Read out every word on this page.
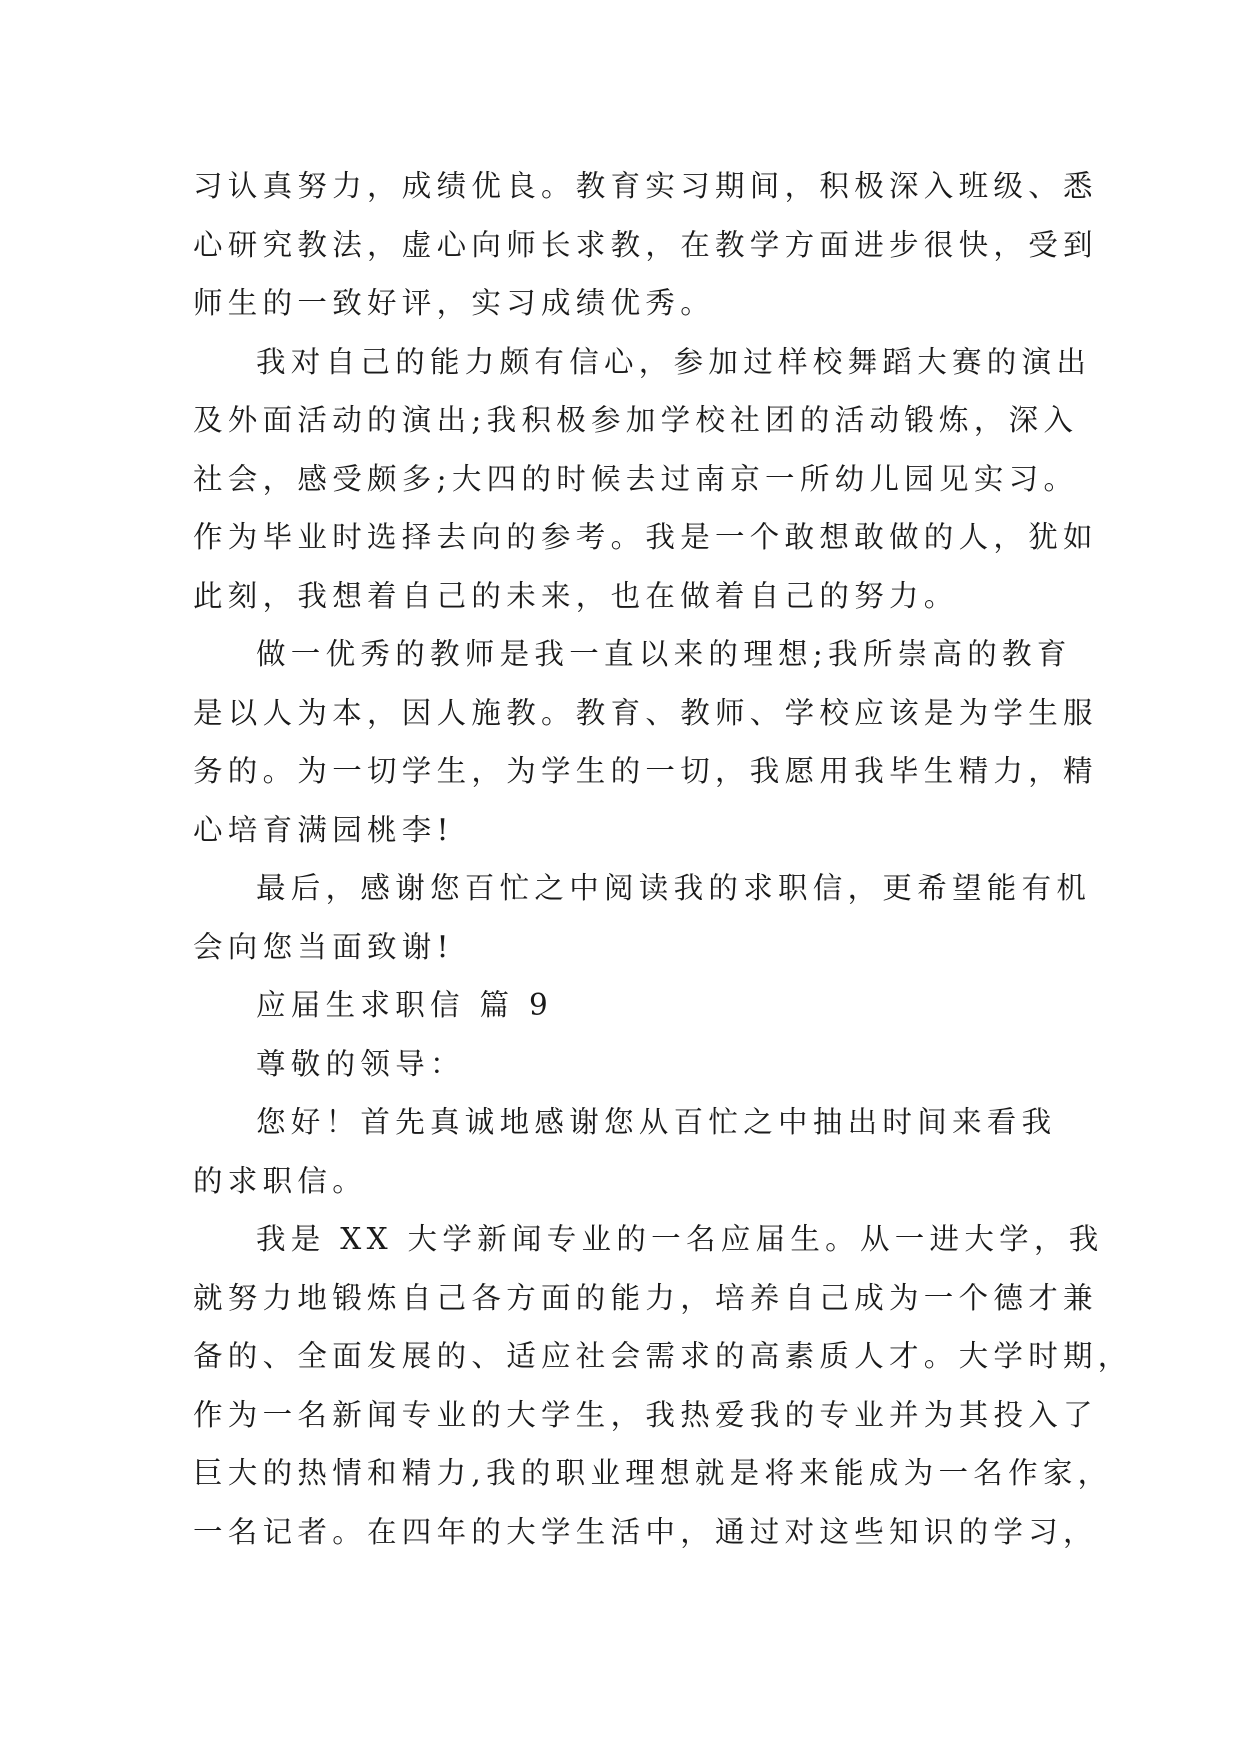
习认真努力，成绩优良。教育实习期间，积极深入班级、悉
心研究教法，虚心向师长求教，在教学方面进步很快，受到
师生的一致好评，实习成绩优秀。
我对自己的能力颇有信心，参加过样校舞蹈大赛的演出
及外面活动的演出;我积极参加学校社团的活动锻炼，深入
社会，感受颇多;大四的时候去过南京一所幼儿园见实习。
作为毕业时选择去向的参考。我是一个敢想敢做的人，犹如
此刻，我想着自己的未来，也在做着自己的努力。
做一优秀的教师是我一直以来的理想;我所崇高的教育
是以人为本，因人施教。教育、教师、学校应该是为学生服
务的。为一切学生，为学生的一切，我愿用我毕生精力，精
心培育满园桃李!
最后，感谢您百忙之中阅读我的求职信，更希望能有机
会向您当面致谢!
应届生求职信 篇 9
尊敬的领导：
您好！首先真诚地感谢您从百忙之中抽出时间来看我
的求职信。
我是 XX 大学新闻专业的一名应届生。从一进大学，我
就努力地锻炼自己各方面的能力，培养自己成为一个德才兼
备的、全面发展的、适应社会需求的高素质人才。大学时期，
作为一名新闻专业的大学生，我热爱我的专业并为其投入了
巨大的热情和精力,我的职业理想就是将来能成为一名作家，
一名记者。在四年的大学生活中，通过对这些知识的学习，
